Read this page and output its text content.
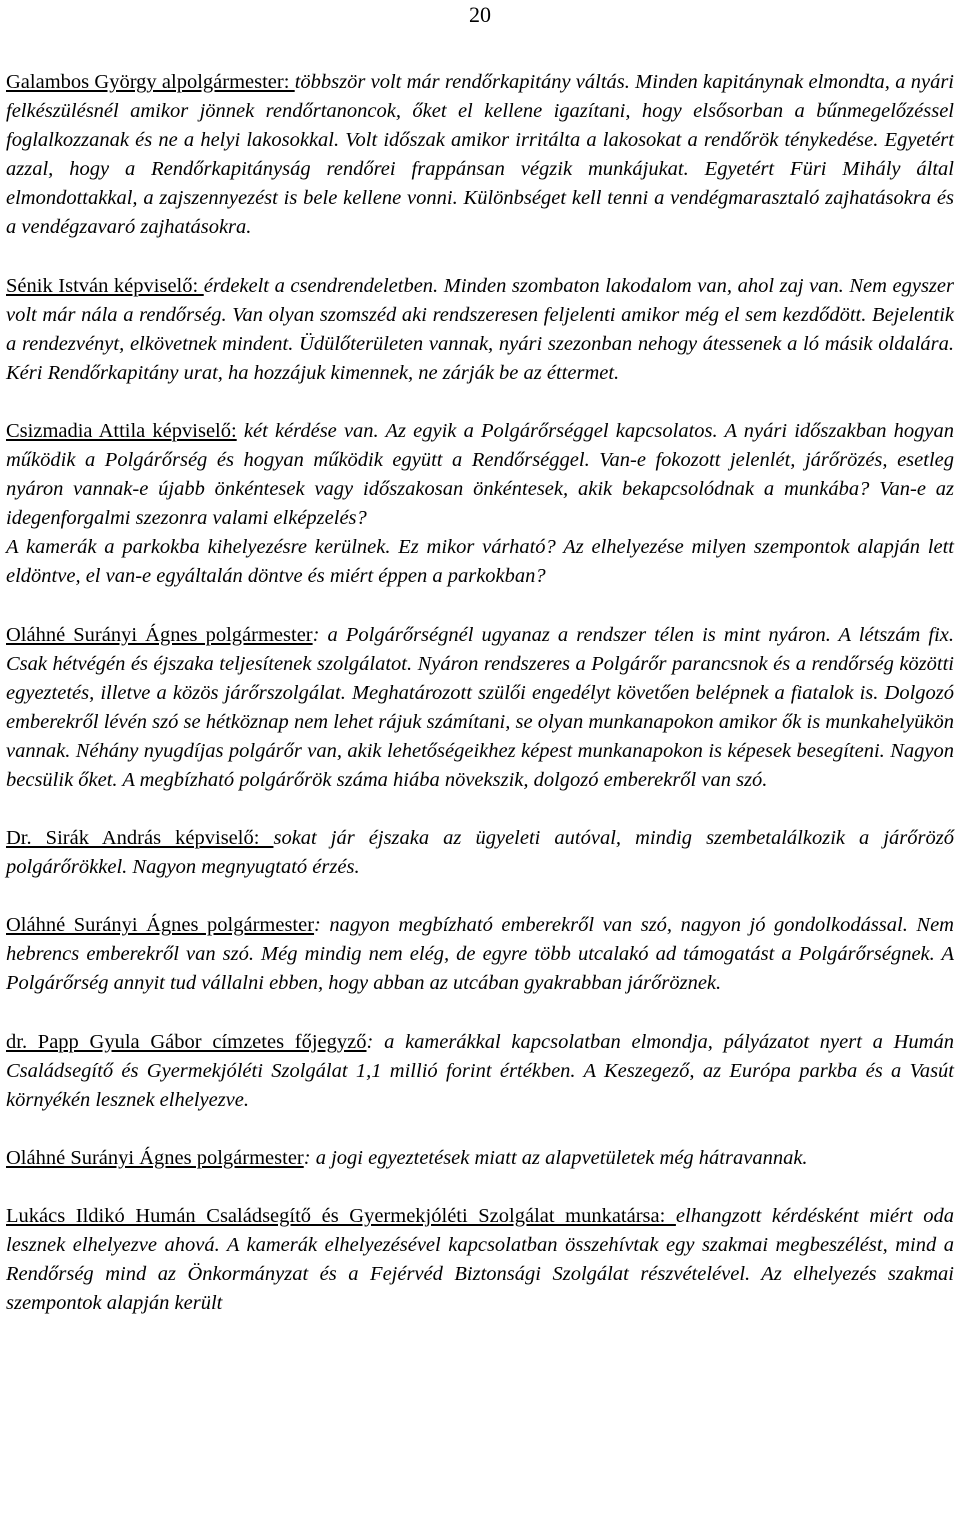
20

Galambos György alpolgármester: többször volt már rendőrkapitány váltás. Minden kapitánynak elmondta, a nyári felkészülésnél amikor jönnek rendőrtanoncok, őket el kellene igazítani, hogy elsősorban a bűnmegelőzéssel foglalkozzanak és ne a helyi lakosokkal. Volt időszak amikor irritálta a lakosokat a rendőrök ténykedése. Egyetért azzal, hogy a Rendőrkapitányság rendőrei frappánsan végzik munkájukat. Egyetért Füri Mihály által elmondottakkal, a zajszennyezést is bele kellene vonni. Különbséget kell tenni a vendégmarasztaló zajhatásokra és a vendégzavaró zajhatásokra.

Sénik István képviselő: érdekelt a csendrendeletben. Minden szombaton lakodalom van, ahol zaj van. Nem egyszer volt már nála a rendőrség. Van olyan szomszéd aki rendszeresen feljelenti amikor még el sem kezdődött. Bejelentik a rendezvényt, elkövetnek mindent. Üdülőterületen vannak, nyári szezonban nehogy átessenek a ló másik oldalára. Kéri Rendőrkapitány urat, ha hozzájuk kimennek, ne zárják be az éttermet.

Csizmadia Attila képviselő: két kérdése van. Az egyik a Polgárőrséggel kapcsolatos. A nyári időszakban hogyan működik a Polgárőrség és hogyan működik együtt a Rendőrséggel. Van-e fokozott jelenlét, járőrözés, esetleg nyáron vannak-e újabb önkéntesek vagy időszakosan önkéntesek, akik bekapcsolódnak a munkába? Van-e az idegenforgalmi szezonra valami elképzelés?

A kamerák a parkokba kihelyezésre kerülnek. Ez mikor várható? Az elhelyezése milyen szempontok alapján lett eldöntve, el van-e egyáltalán döntve és miért éppen a parkokban?

Oláhné Surányi Ágnes polgármester: a Polgárőrségnél ugyanaz a rendszer télen is mint nyáron. A létszám fix. Csak hétvégén és éjszaka teljesítenek szolgálatot. Nyáron rendszeres a Polgárőr parancsnok és a rendőrség közötti egyeztetés, illetve a közös járőrszolgálat. Meghatározott szülői engedélyt követően belépnek a fiatalok is. Dolgozó emberekről lévén szó se hétköznap nem lehet rájuk számítani, se olyan munkanapokon amikor ők is munkahelyükön vannak. Néhány nyugdíjas polgárőr van, akik lehetőségeikhez képest munkanapokon is képesek besegíteni. Nagyon becsülik őket. A megbízható polgárőrök száma hiába növekszik, dolgozó emberekről van szó.

Dr. Sirák András képviselő: sokat jár éjszaka az ügyeleti autóval, mindig szembetalálkozik a járőröző polgárőrökkel. Nagyon megnyugtató érzés.

Oláhné Surányi Ágnes polgármester: nagyon megbízható emberekről van szó, nagyon jó gondolkodással. Nem hebrencs emberekről van szó. Még mindig nem elég, de egyre több utcalakó ad támogatást a Polgárőrségnek. A Polgárőrség annyit tud vállalni ebben, hogy abban az utcában gyakrabban járőröznek.

dr. Papp Gyula Gábor címzetes főjegyző: a kamerákkal kapcsolatban elmondja, pályázatot nyert a Humán Családsegítő és Gyermekjóléti Szolgálat 1,1 millió forint értékben. A Keszegező, az Európa parkba és a Vasút környékén lesznek elhelyezve.

Oláhné Surányi Ágnes polgármester: a jogi egyeztetések miatt az alapvetületek még hátravannak.

Lukács Ildikó Humán Családsegítő és Gyermekjóléti Szolgálat munkatársa: elhangzott kérdésként miért oda lesznek elhelyezve ahová. A kamerák elhelyezésével kapcsolatban összehívtak egy szakmai megbeszélést, mind a Rendőrség mind az Önkormányzat és a Fejérvéd Biztonsági Szolgálat részvételével. Az elhelyezés szakmai szempontok alapján került
